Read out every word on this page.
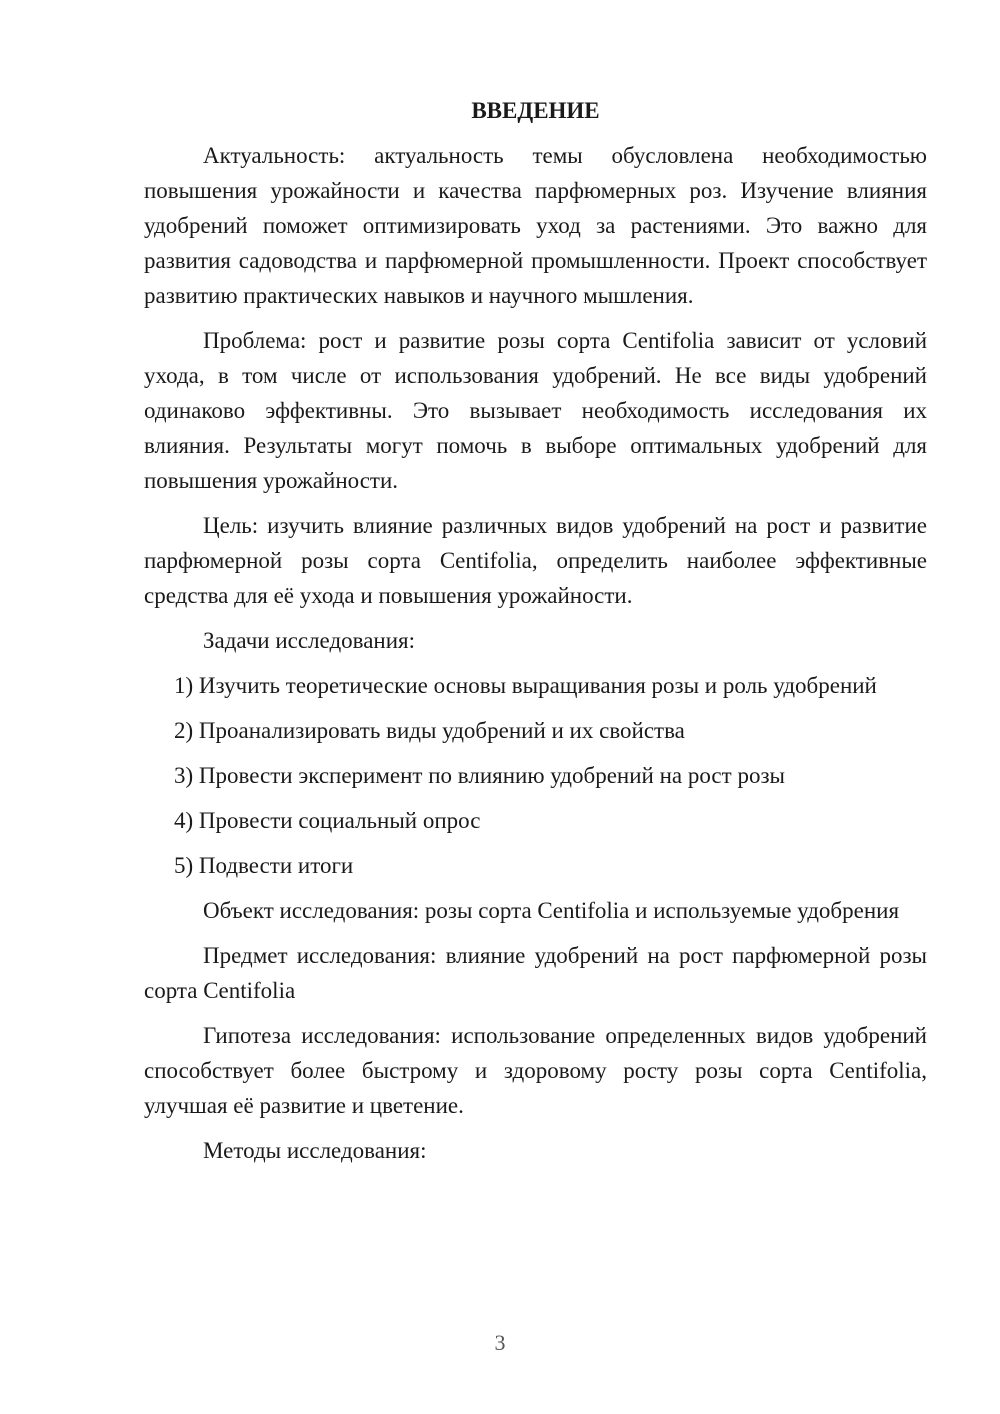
ВВЕДЕНИЕ

Актуальность: актуальность темы обусловлена необходимостью повышения урожайности и качества парфюмерных роз. Изучение влияния удобрений поможет оптимизировать уход за растениями. Это важно для развития садоводства и парфюмерной промышленности. Проект способствует развитию практических навыков и научного мышления.

Проблема: рост и развитие розы сорта Centifolia зависит от условий ухода, в том числе от использования удобрений. Не все виды удобрений одинаково эффективны. Это вызывает необходимость исследования их влияния. Результаты могут помочь в выборе оптимальных удобрений для повышения урожайности.

Цель: изучить влияние различных видов удобрений на рост и развитие парфюмерной розы сорта Centifolia, определить наиболее эффективные средства для её ухода и повышения урожайности.

Задачи исследования:

1) Изучить теоретические основы выращивания розы и роль удобрений

2) Проанализировать виды удобрений и их свойства

3) Провести эксперимент по влиянию удобрений на рост розы

4) Провести социальный опрос

5) Подвести итоги

Объект исследования: розы сорта Centifolia и используемые удобрения

Предмет исследования: влияние удобрений на рост парфюмерной розы сорта Centifolia

Гипотеза исследования: использование определенных видов удобрений способствует более быстрому и здоровому росту розы сорта Centifolia, улучшая её развитие и цветение.

Методы исследования:

3
